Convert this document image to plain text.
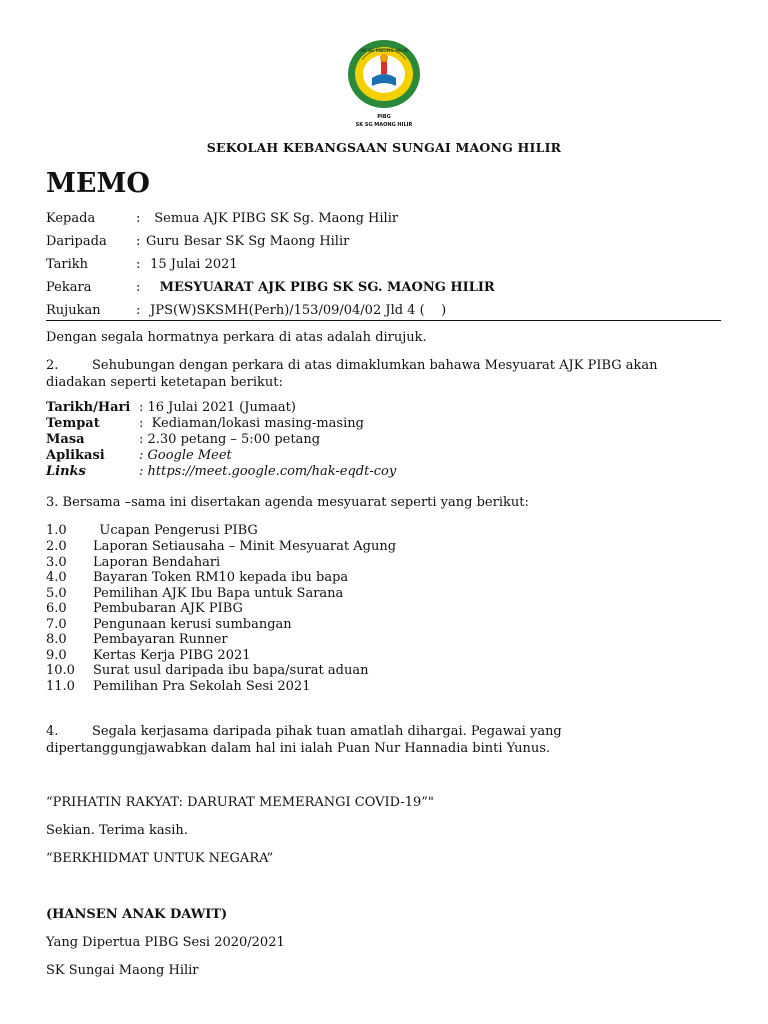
SK SG MAONG HILIR
PIBG
SK SG MAONG HILIR
SEKOLAH KEBANGSAAN SUNGAI MAONG HILIR
MEMO
Kepada	:  Semua AJK PIBG SK Sg. Maong Hilir
Daripada : Guru Besar SK Sg Maong Hilir
Tarikh	: 15 Julai 2021
Pekara	:   MESYUARAT AJK PIBG SK SG. MAONG HILIR
Rujukan	: JPS(W)SKSMH(Perh)/153/09/04/02 Jld 4 (    )
Dengan segala hormatnya perkara di atas adalah dirujuk.
2.	Sehubungan dengan perkara di atas dimaklumkan bahawa Mesyuarat AJK PIBG akan diadakan seperti ketetapan berikut:
Tarikh/Hari : 16 Julai 2021 (Jumaat)
Tempat	:  Kediaman/lokasi masing-masing
Masa	: 2.30 petang – 5:00 petang
Aplikasi	: Google Meet
Links	: https://meet.google.com/hak-eqdt-coy
3. Bersama –sama ini disertakan agenda mesyuarat seperti yang berikut:
1.0   Ucapan Pengerusi PIBG
2.0 Laporan Setiausaha – Minit Mesyuarat Agung
3.0 Laporan Bendahari
4.0 Bayaran Token RM10 kepada ibu bapa
5.0 Pemilihan AJK Ibu Bapa untuk Sarana
6.0 Pembubaran AJK PIBG
7.0 Pengunaan kerusi sumbangan
8.0 Pembayaran Runner
9.0 Kertas Kerja PIBG 2021
10.0 Surat usul daripada ibu bapa/surat aduan
11.0 Pemilihan Pra Sekolah Sesi 2021
4.	Segala kerjasama daripada pihak tuan amatlah dihargai. Pegawai yang dipertanggungjawabkan dalam hal ini ialah Puan Nur Hannadia binti Yunus.
“PRIHATIN RAKYAT: DARURAT MEMERANGI COVID-19”"
Sekian. Terima kasih.
“BERKHIDMAT UNTUK NEGARA”
(HANSEN ANAK DAWIT)
Yang Dipertua PIBG Sesi 2020/2021
SK Sungai Maong Hilir
